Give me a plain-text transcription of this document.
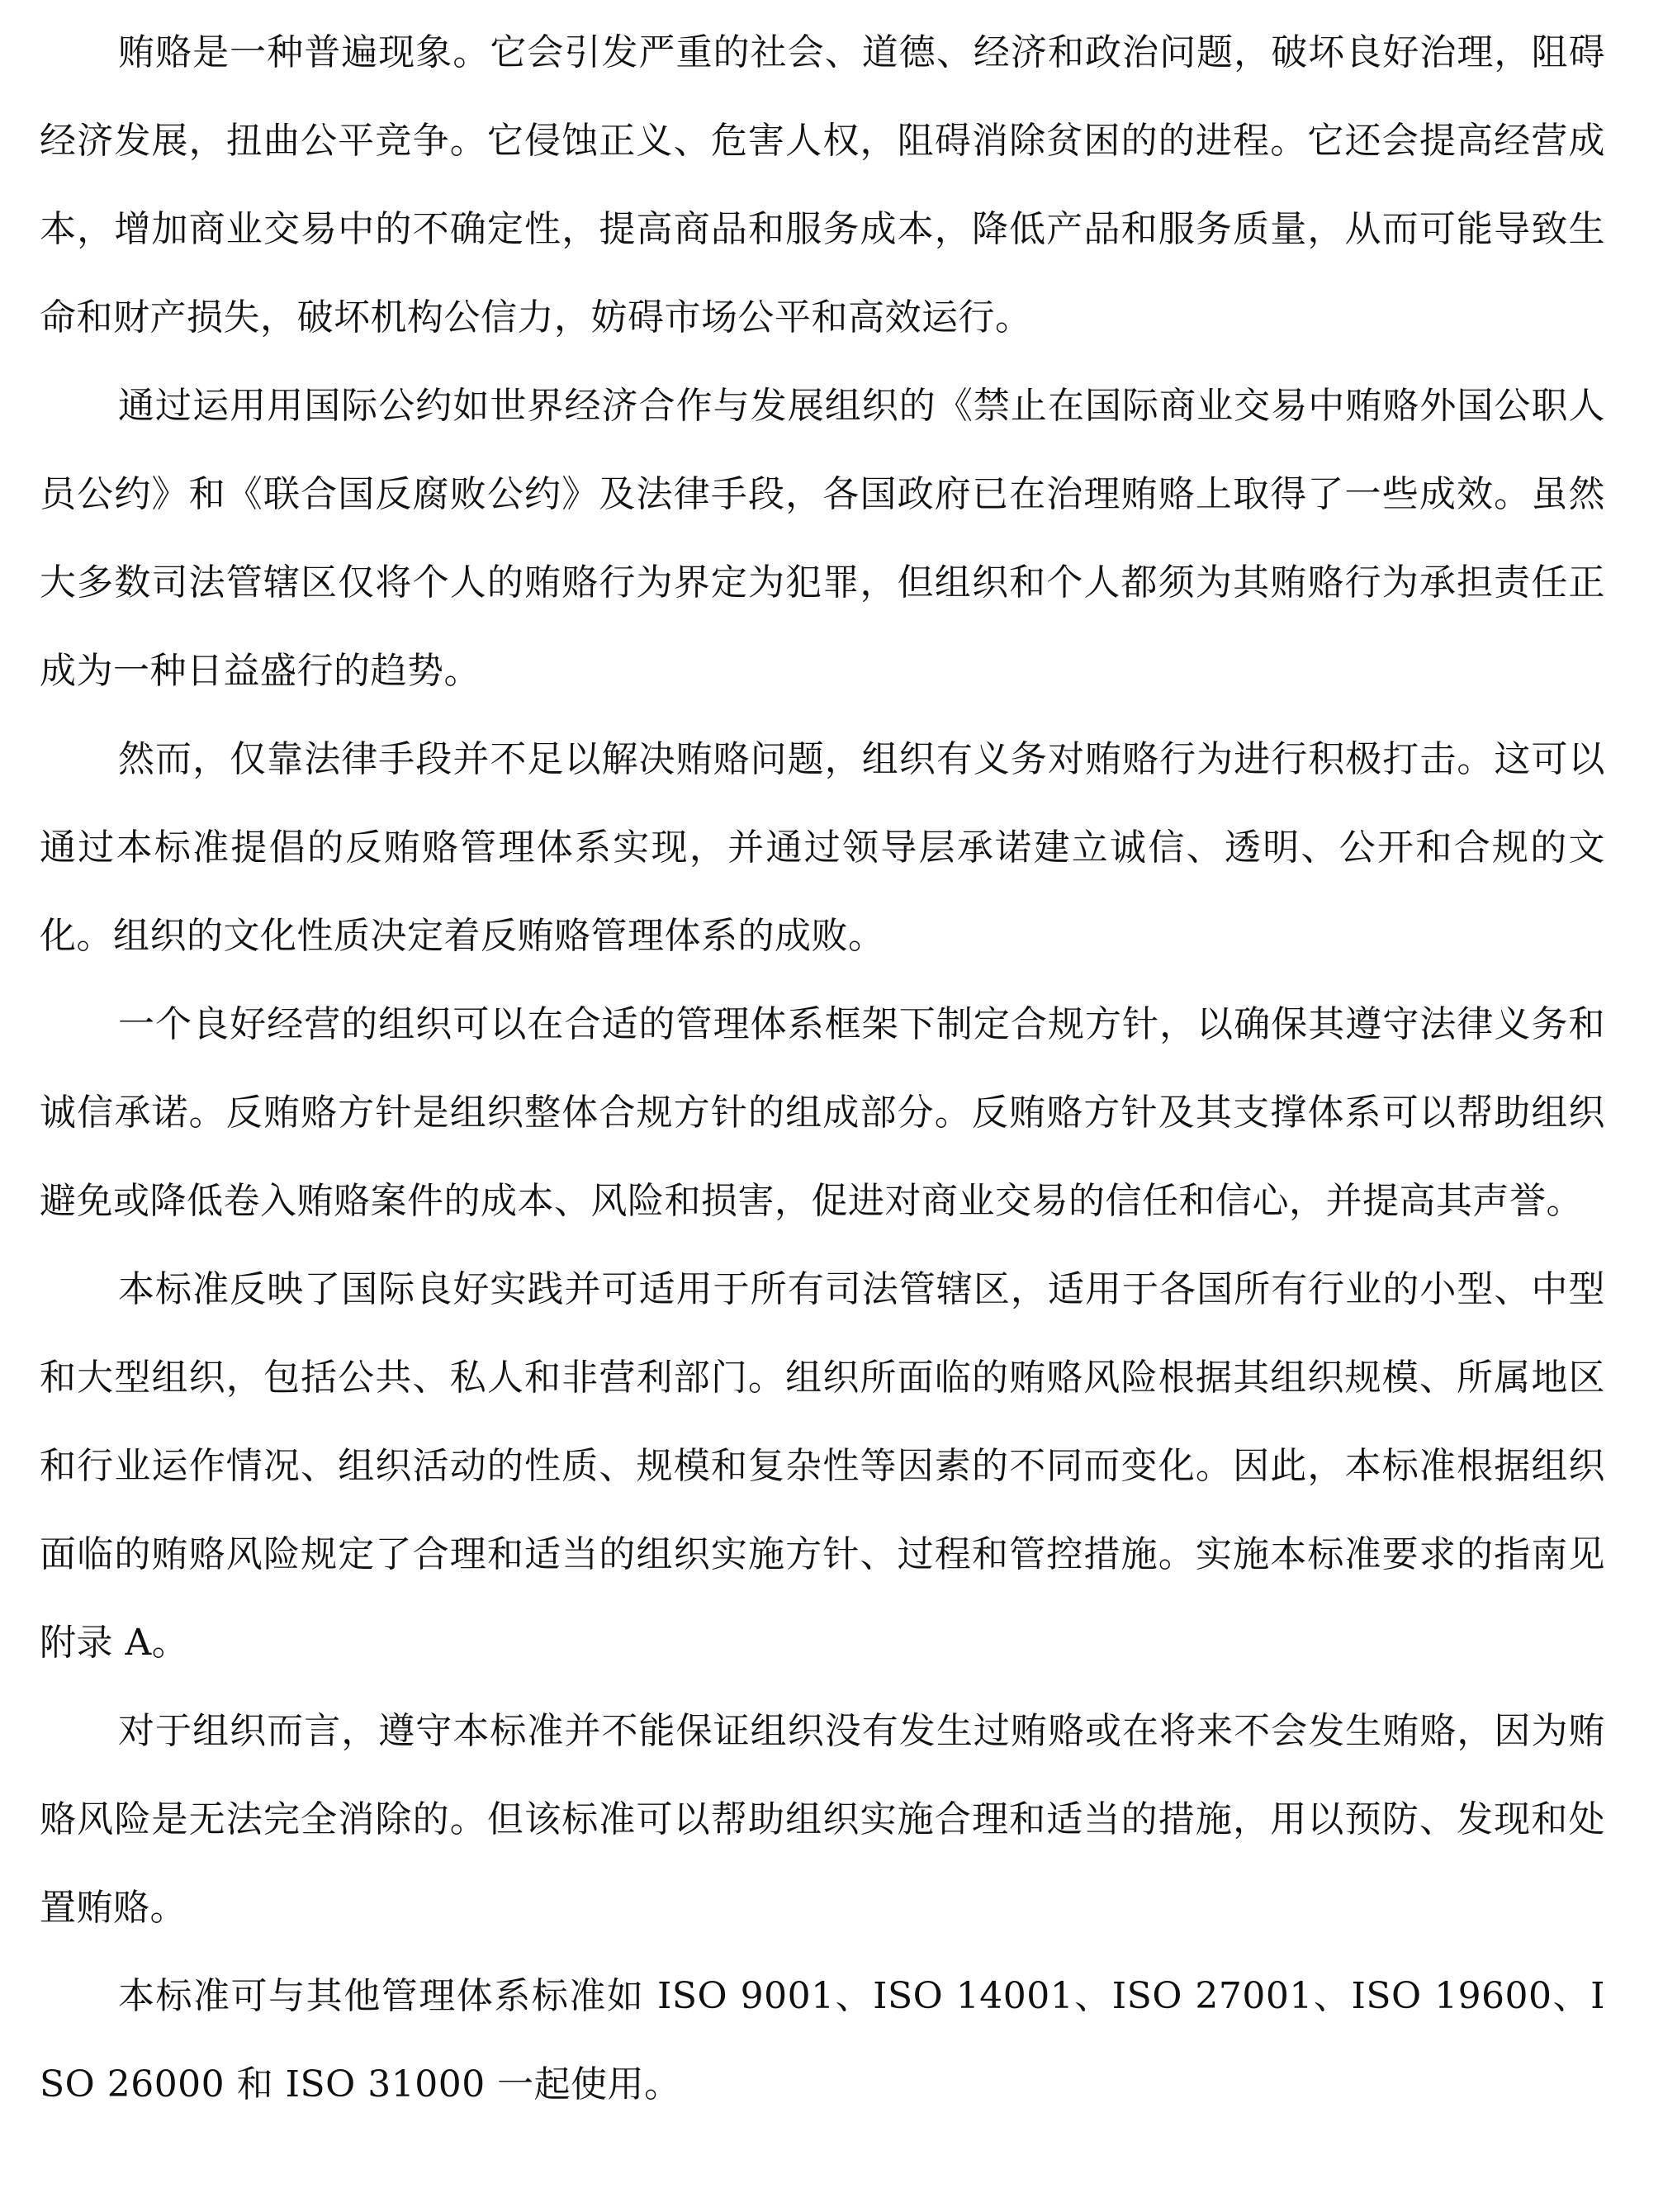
贿赂是一种普遍现象。它会引发严重的社会、道德、经济和政治问题，破坏良好治理，阻碍经济发展，扭曲公平竞争。它侵蚀正义、危害人权，阻碍消除贫困的的进程。它还会提高经营成本，增加商业交易中的不确定性，提高商品和服务成本，降低产品和服务质量，从而可能导致生命和财产损失，破坏机构公信力，妨碍市场公平和高效运行。

通过运用用国际公约如世界经济合作与发展组织的《禁止在国际商业交易中贿赂外国公职人员公约》和《联合国反腐败公约》及法律手段，各国政府已在治理贿赂上取得了一些成效。虽然大多数司法管辖区仅将个人的贿赂行为界定为犯罪，但组织和个人都须为其贿赂行为承担责任正成为一种日益盛行的趋势。

然而，仅靠法律手段并不足以解决贿赂问题，组织有义务对贿赂行为进行积极打击。这可以通过本标准提倡的反贿赂管理体系实现，并通过领导层承诺建立诚信、透明、公开和合规的文化。组织的文化性质决定着反贿赂管理体系的成败。

一个良好经营的组织可以在合适的管理体系框架下制定合规方针，以确保其遵守法律义务和诚信承诺。反贿赂方针是组织整体合规方针的组成部分。反贿赂方针及其支撑体系可以帮助组织避免或降低卷入贿赂案件的成本、风险和损害，促进对商业交易的信任和信心，并提高其声誉。

本标准反映了国际良好实践并可适用于所有司法管辖区，适用于各国所有行业的小型、中型和大型组织，包括公共、私人和非营利部门。组织所面临的贿赂风险根据其组织规模、所属地区和行业运作情况、组织活动的性质、规模和复杂性等因素的不同而变化。因此，本标准根据组织面临的贿赂风险规定了合理和适当的组织实施方针、过程和管控措施。实施本标准要求的指南见附录 A。

对于组织而言，遵守本标准并不能保证组织没有发生过贿赂或在将来不会发生贿赂，因为贿赂风险是无法完全消除的。但该标准可以帮助组织实施合理和适当的措施，用以预防、发现和处置贿赂。

本标准可与其他管理体系标准如 ISO 9001、ISO 14001、ISO 27001、ISO 19600、ISO 26000 和 ISO 31000 一起使用。
